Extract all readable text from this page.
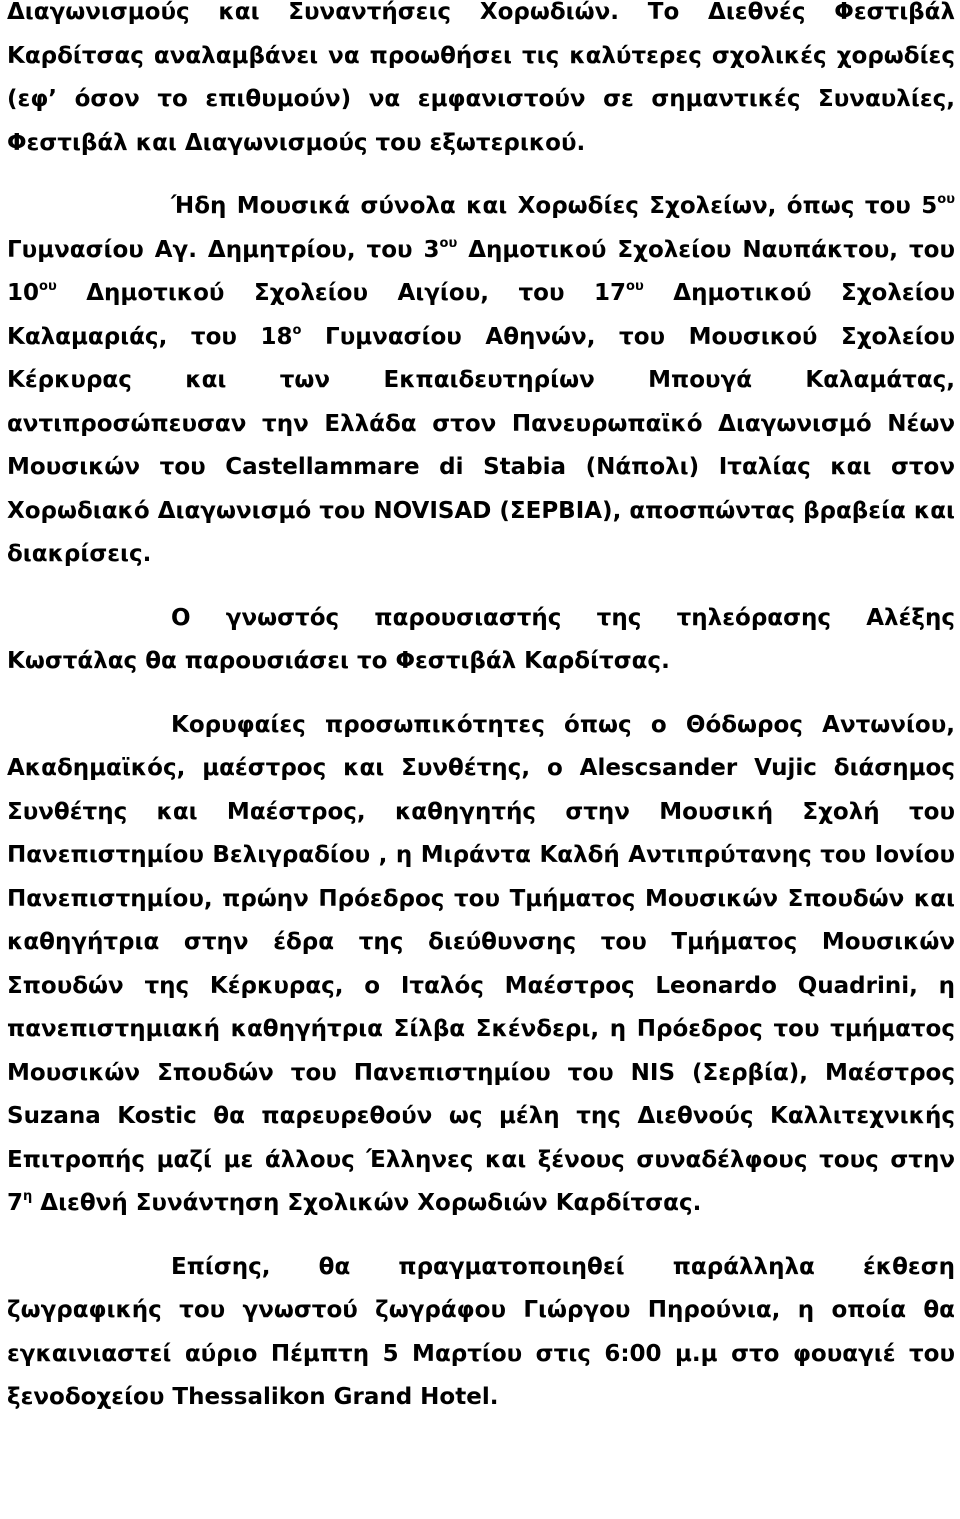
Διαγωνισμούς και Συναντήσεις Χορωδιών. Το Διεθνές Φεστιβάλ Καρδίτσας αναλαμβάνει να προωθήσει τις καλύτερες σχολικές χορωδίες (εφ’ όσον το επιθυμούν) να εμφανιστούν σε σημαντικές Συναυλίες, Φεστιβάλ και Διαγωνισμούς του εξωτερικού.

Ήδη Μουσικά σύνολα και Χορωδίες Σχολείων, όπως του $5^{o\upsilon}$ Γυμνασίου Αγ. Δημητρίου, του $3^{o\upsilon}$ Δημοτικού Σχολείου Ναυπάκτου, του $10^{o\upsilon}$ Δημοτικού Σχολείου Αιγίου, του $17^{o\upsilon}$ Δημοτικού Σχολείου Καλαμαριάς, του $18^o$ Γυμνασίου Αθηνών, του Μουσικού Σχολείου Κέρκυρας και των Εκπαιδευτηρίων Μπουγά Καλαμάτας, αντιπροσώπευσαν την Ελλάδα στον Πανευρωπαϊκό Διαγωνισμό Νέων Μουσικών του Castellammare di Stabia (Νάπολι) Ιταλίας και στον Χορωδιακό Διαγωνισμό του NOVISAD (ΣΕΡΒΙΑ), αποσπώντας βραβεία και διακρίσεις.

Ο γνωστός παρουσιαστής της τηλεόρασης Αλέξης Κωστάλας θα παρουσιάσει το Φεστιβάλ Καρδίτσας.

Κορυφαίες προσωπικότητες όπως ο Θόδωρος Αντωνίου, Ακαδημαϊκός, μαέστρος και Συνθέτης, ο Alescsander Vujic διάσημος Συνθέτης και Μαέστρος, καθηγητής στην Μουσική Σχολή του Πανεπιστημίου Βελιγραδίου , η Μιράντα Καλδή Αντιπρύτανης του Ιονίου Πανεπιστημίου, πρώην Πρόεδρος του Τμήματος Μουσικών Σπουδών και καθηγήτρια στην έδρα της διεύθυνσης του Τμήματος Μουσικών Σπουδών της Κέρκυρας, ο Ιταλός Μαέστρος Leonardo Quadrini, η πανεπιστημιακή καθηγήτρια Σίλβα Σκένδερι, η Πρόεδρος του τμήματος Μουσικών Σπουδών του Πανεπιστημίου του NIS (Σερβία), Μαέστρος Suzana Kostic θα παρευρεθούν ως μέλη της Διεθνούς Καλλιτεχνικής Επιτροπής μαζί με άλλους Έλληνες και ξένους συναδέλφους τους στην $7^\eta$ Διεθνή Συνάντηση Σχολικών Χορωδιών Καρδίτσας.

Επίσης, θα πραγματοποιηθεί παράλληλα έκθεση ζωγραφικής του γνωστού ζωγράφου Γιώργου Πηρούνια, η οποία θα εγκαινιαστεί αύριο Πέμπτη 5 Μαρτίου στις 6:00 μ.μ στο φουαγιέ του ξενοδοχείου Thessalikon Grand Hotel.
